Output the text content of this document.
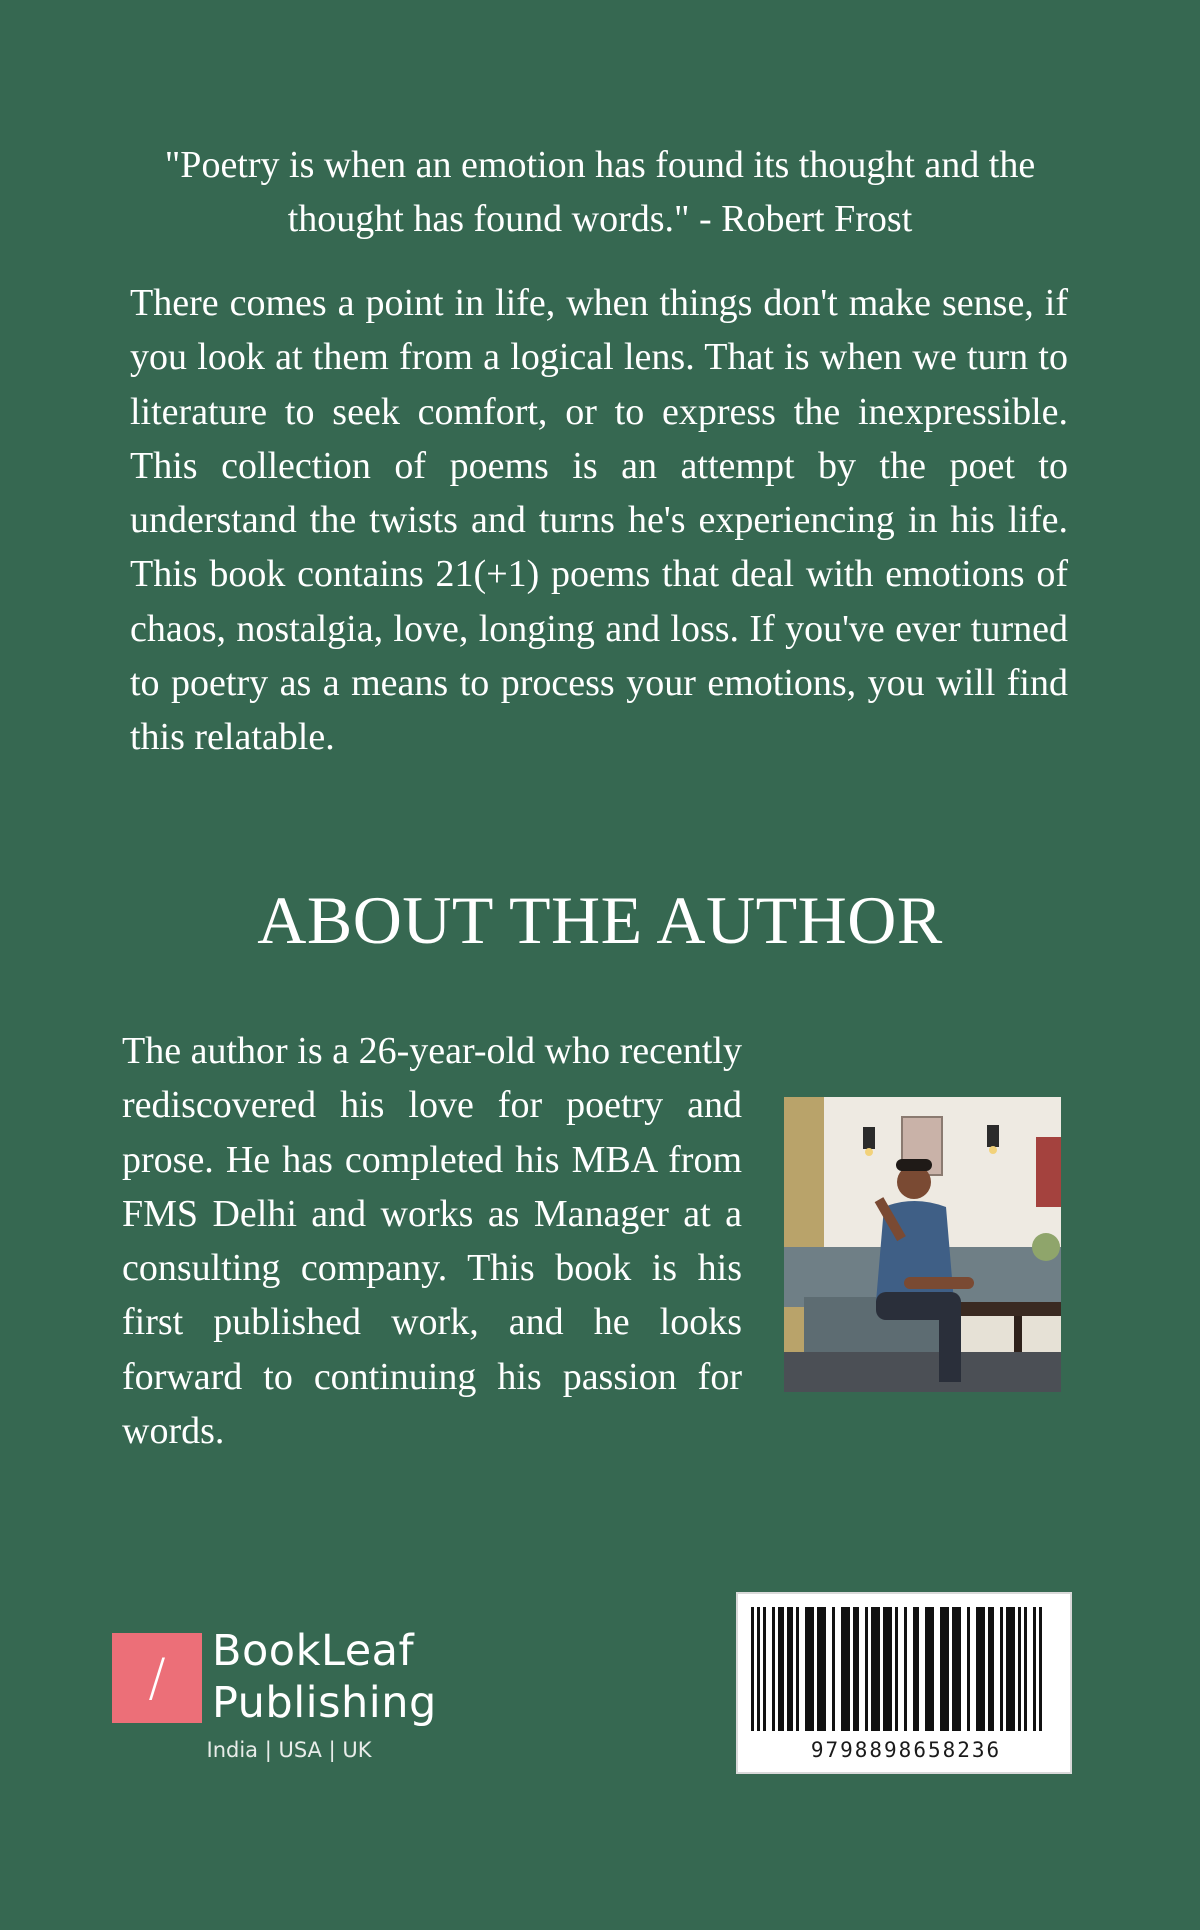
"Poetry is when an emotion has found its thought and the
thought has found words." - Robert Frost
There comes a point in life, when things don't make sense, if you look at them from a logical lens. That is when we turn to literature to seek comfort, or to express the inexpressible. This collection of poems is an attempt by the poet to understand the twists and turns he's experiencing in his life. This book contains 21(+1) poems that deal with emotions of chaos, nostalgia, love, longing and loss. If you've ever turned to poetry as a means to process your emotions, you will find this relatable.
ABOUT THE AUTHOR
The author is a 26-year-old who recently rediscovered his love for poetry and prose. He has completed his MBA from FMS Delhi and works as Manager at a consulting company. This book is his first published work, and he looks forward to continuing his passion for words.
/	BookLeaf
Publishing
India | USA | UK	9798898658236
